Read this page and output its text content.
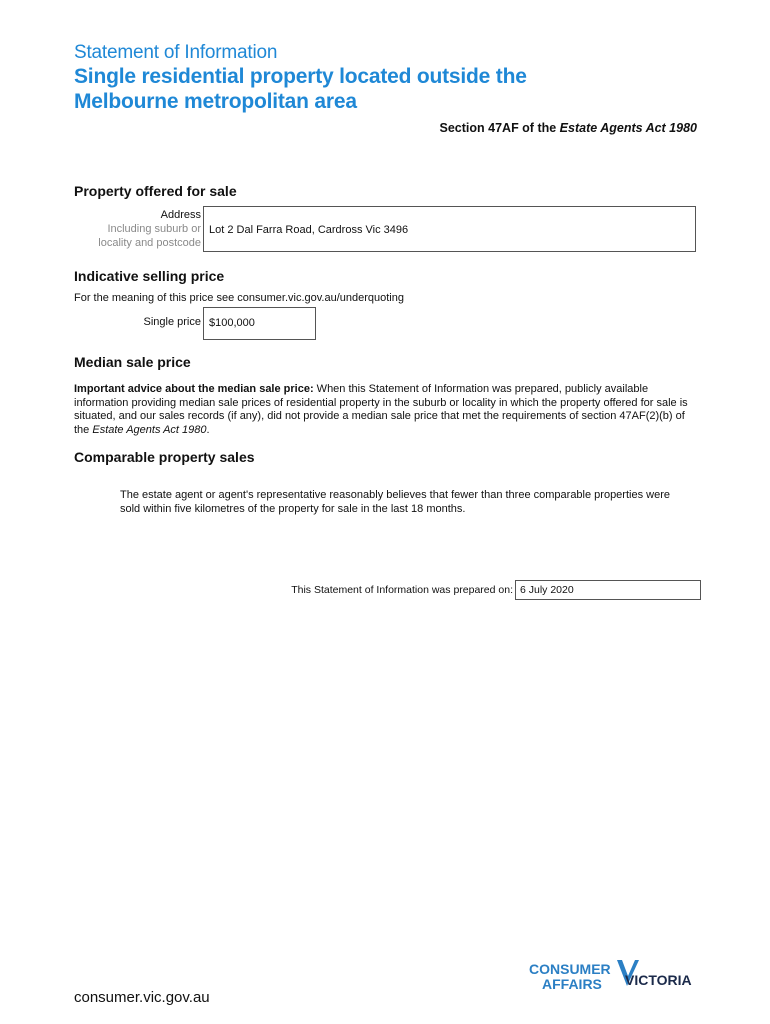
Statement of Information
Single residential property located outside the
Melbourne metropolitan area
Section 47AF of the Estate Agents Act 1980
Property offered for sale
Address
Including suburb or
locality and postcode
Lot 2 Dal Farra Road, Cardross Vic 3496
Indicative selling price
For the meaning of this price see consumer.vic.gov.au/underquoting
Single price $100,000
Median sale price
Important advice about the median sale price: When this Statement of Information was prepared, publicly available information providing median sale prices of residential property in the suburb or locality in which the property offered for sale is situated, and our sales records (if any), did not provide a median sale price that met the requirements of section 47AF(2)(b) of the Estate Agents Act 1980.
Comparable property sales
The estate agent or agent's representative reasonably believes that fewer than three comparable properties were sold within five kilometres of the property for sale in the last 18 months.
This Statement of Information was prepared on: 6 July 2020
consumer.vic.gov.au
CONSUMER
AFFAIRS VICTORIA
